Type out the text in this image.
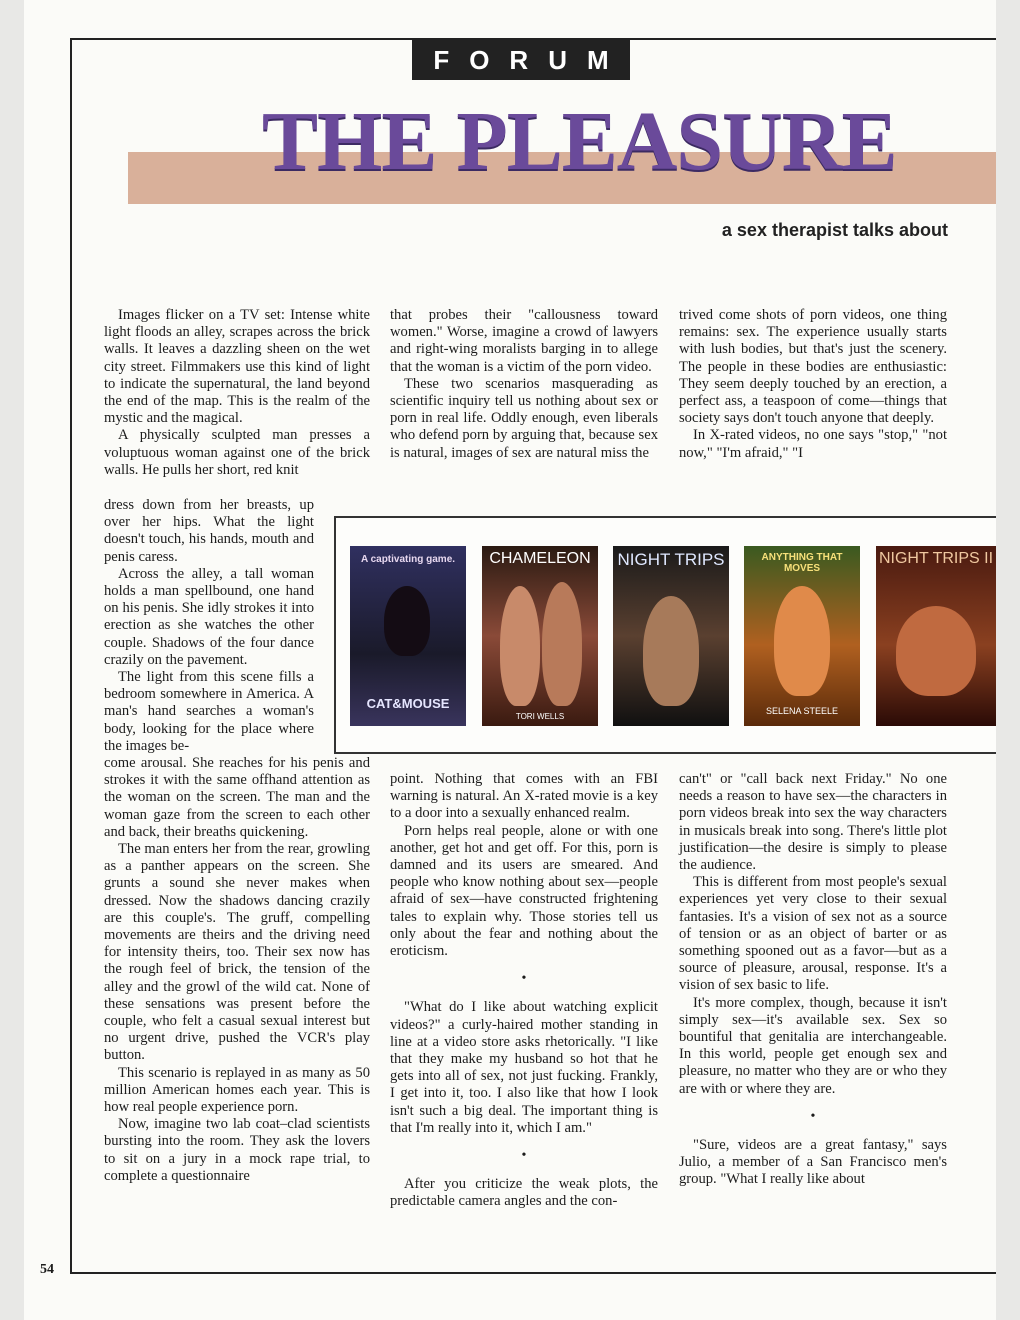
FORUM
THE PLEASURE
a sex therapist talks about

Images flicker on a TV set: Intense white light floods an alley, scrapes across the brick walls. It leaves a dazzling sheen on the wet city street. Filmmakers use this kind of light to indicate the supernatural, the land beyond the end of the map. This is the realm of the mystic and the magical.

A physically sculpted man presses a voluptuous woman against one of the brick walls. He pulls her short, red knit

dress down from her breasts, up over her hips. What the light doesn't touch, his hands, mouth and penis caress.

Across the alley, a tall woman holds a man spellbound, one hand on his penis. She idly strokes it into erection as she watches the other couple. Shadows of the four dance crazily on the pavement.

The light from this scene fills a bedroom somewhere in America. A man's hand searches a woman's body, looking for the place where the images be-

come arousal. She reaches for his penis and strokes it with the same offhand attention as the woman on the screen. The man and the woman gaze from the screen to each other and back, their breaths quickening.

The man enters her from the rear, growling as a panther appears on the screen. She grunts a sound she never makes when dressed. Now the shadows dancing crazily are this couple's. The gruff, compelling movements are theirs and the driving need for intensity theirs, too. Their sex now has the rough feel of brick, the tension of the alley and the growl of the wild cat. None of these sensations was present before the couple, who felt a casual sexual interest but no urgent drive, pushed the VCR's play button.

This scenario is replayed in as many as 50 million American homes each year. This is how real people experience porn.

Now, imagine two lab coat–clad scientists bursting into the room. They ask the lovers to sit on a jury in a mock rape trial, to complete a questionnaire

that probes their "callousness toward women." Worse, imagine a crowd of lawyers and right-wing moralists barging in to allege that the woman is a victim of the porn video.

These two scenarios masquerading as scientific inquiry tell us nothing about sex or porn in real life. Oddly enough, even liberals who defend porn by arguing that, because sex is natural, images of sex are natural miss the

point. Nothing that comes with an FBI warning is natural. An X-rated movie is a key to a door into a sexually enhanced realm.

Porn helps real people, alone or with one another, get hot and get off. For this, porn is damned and its users are smeared. And people who know nothing about sex—people afraid of sex—have constructed frightening tales to explain why. Those stories tell us only about the fear and nothing about the eroticism.

•

"What do I like about watching explicit videos?" a curly-haired mother standing in line at a video store asks rhetorically. "I like that they make my husband so hot that he gets into all of sex, not just fucking. Frankly, I get into it, too. I also like that how I look isn't such a big deal. The important thing is that I'm really into it, which I am."

•

After you criticize the weak plots, the predictable camera angles and the con-

trived come shots of porn videos, one thing remains: sex. The experience usually starts with lush bodies, but that's just the scenery. The people in these bodies are enthusiastic: They seem deeply touched by an erection, a perfect ass, a teaspoon of come—things that society says don't touch anyone that deeply.

In X-rated videos, no one says "stop," "not now," "I'm afraid," "I

can't" or "call back next Friday." No one needs a reason to have sex—the characters in porn videos break into sex the way characters in musicals break into song. There's little plot justification—the desire is simply to please the audience.

This is different from most people's sexual experiences yet very close to their sexual fantasies. It's a vision of sex not as a source of tension or as an object of barter or as something spooned out as a favor—but as a source of pleasure, arousal, response. It's a vision of sex basic to life.

It's more complex, though, because it isn't simply sex—it's available sex. Sex so bountiful that genitalia are interchangeable. In this world, people get enough sex and pleasure, no matter who they are or who they are with or where they are.

•

"Sure, videos are a great fantasy," says Julio, a member of a San Francisco men's group. "What I really like about

A captivating game.
CAT&MOUSE
CHAMELEON
TORI WELLS
NIGHT TRIPS	ANYTHING THAT MOVES
SELENA STEELE
NIGHT TRIPS II
54
